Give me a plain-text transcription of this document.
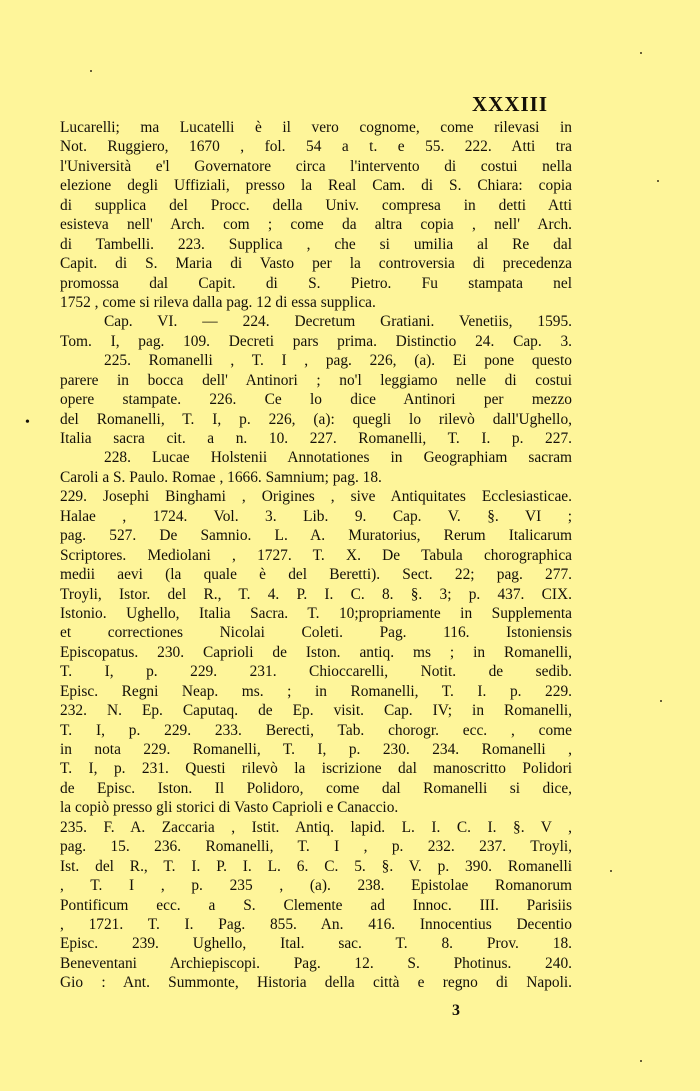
XXXIII
•
Lucarelli; ma Lucatelli è il vero cognome, come rilevasi in
Not. Ruggiero, 1670 , fol. 54 a t. e 55. 222. Atti tra
l'Università e'l Governatore circa l'intervento di costui nella
elezione degli Uffiziali, presso la Real Cam. di S. Chiara: copia
di supplica del Procc. della Univ. compresa in detti Atti
esisteva nell' Arch. com ; come da altra copia , nell' Arch.
di Tambelli. 223. Supplica , che si umilia al Re dal
Capit. di S. Maria di Vasto per la controversia di precedenza
promossa dal Capit. di S. Pietro. Fu stampata nel
1752 , come si rileva dalla pag. 12 di essa supplica.
Cap. VI. — 224. Decretum Gratiani. Venetiis, 1595.
Tom. I, pag. 109. Decreti pars prima. Distinctio 24. Cap. 3.
225. Romanelli , T. I , pag. 226, (a). Ei pone questo
parere in bocca dell' Antinori ; no'l leggiamo nelle di costui
opere stampate. 226. Ce lo dice Antinori per mezzo
del Romanelli, T. I, p. 226, (a): quegli lo rilevò dall'Ughello,
Italia sacra cit. a n. 10. 227. Romanelli, T. I. p. 227.
228. Lucae Holstenii Annotationes in Geographiam sacram
Caroli a S. Paulo. Romae , 1666. Samnium; pag. 18.
229. Josephi Binghami , Origines , sive Antiquitates Ecclesiasticae.
Halae , 1724. Vol. 3. Lib. 9. Cap. V. §. VI ;
pag. 527. De Samnio. L. A. Muratorius, Rerum Italicarum
Scriptores. Mediolani , 1727. T. X. De Tabula chorographica
medii aevi (la quale è del Beretti). Sect. 22; pag. 277.
Troyli, Istor. del R., T. 4. P. I. C. 8. §. 3; p. 437. CIX.
Istonio. Ughello, Italia Sacra. T. 10;propriamente in Supplementa
et correctiones Nicolai Coleti. Pag. 116. Istoniensis
Episcopatus. 230. Caprioli de Iston. antiq. ms ; in Romanelli,
T. I, p. 229. 231. Chioccarelli, Notit. de sedib.
Episc. Regni Neap. ms. ; in Romanelli, T. I. p. 229.
232. N. Ep. Caputaq. de Ep. visit. Cap. IV; in Romanelli,
T. I, p. 229. 233. Berecti, Tab. chorogr. ecc. , come
in nota 229. Romanelli, T. I, p. 230. 234. Romanelli ,
T. I, p. 231. Questi rilevò la iscrizione dal manoscritto Polidori
de Episc. Iston. Il Polidoro, come dal Romanelli si dice,
la copiò presso gli storici di Vasto Caprioli e Canaccio.
235. F. A. Zaccaria , Istit. Antiq. lapid. L. I. C. I. §. V ,
pag. 15. 236. Romanelli, T. I , p. 232. 237. Troyli,
Ist. del R., T. I. P. I. L. 6. C. 5. §. V. p. 390. Romanelli
, T. I , p. 235 , (a). 238. Epistolae Romanorum
Pontificum ecc. a S. Clemente ad Innoc. III. Parisiis
, 1721. T. I. Pag. 855. An. 416. Innocentius Decentio
Episc. 239. Ughello, Ital. sac. T. 8. Prov. 18.
Beneventani Archiepiscopi. Pag. 12. S. Photinus. 240.
Gio : Ant. Summonte, Historia della città e regno di Napoli.
3
